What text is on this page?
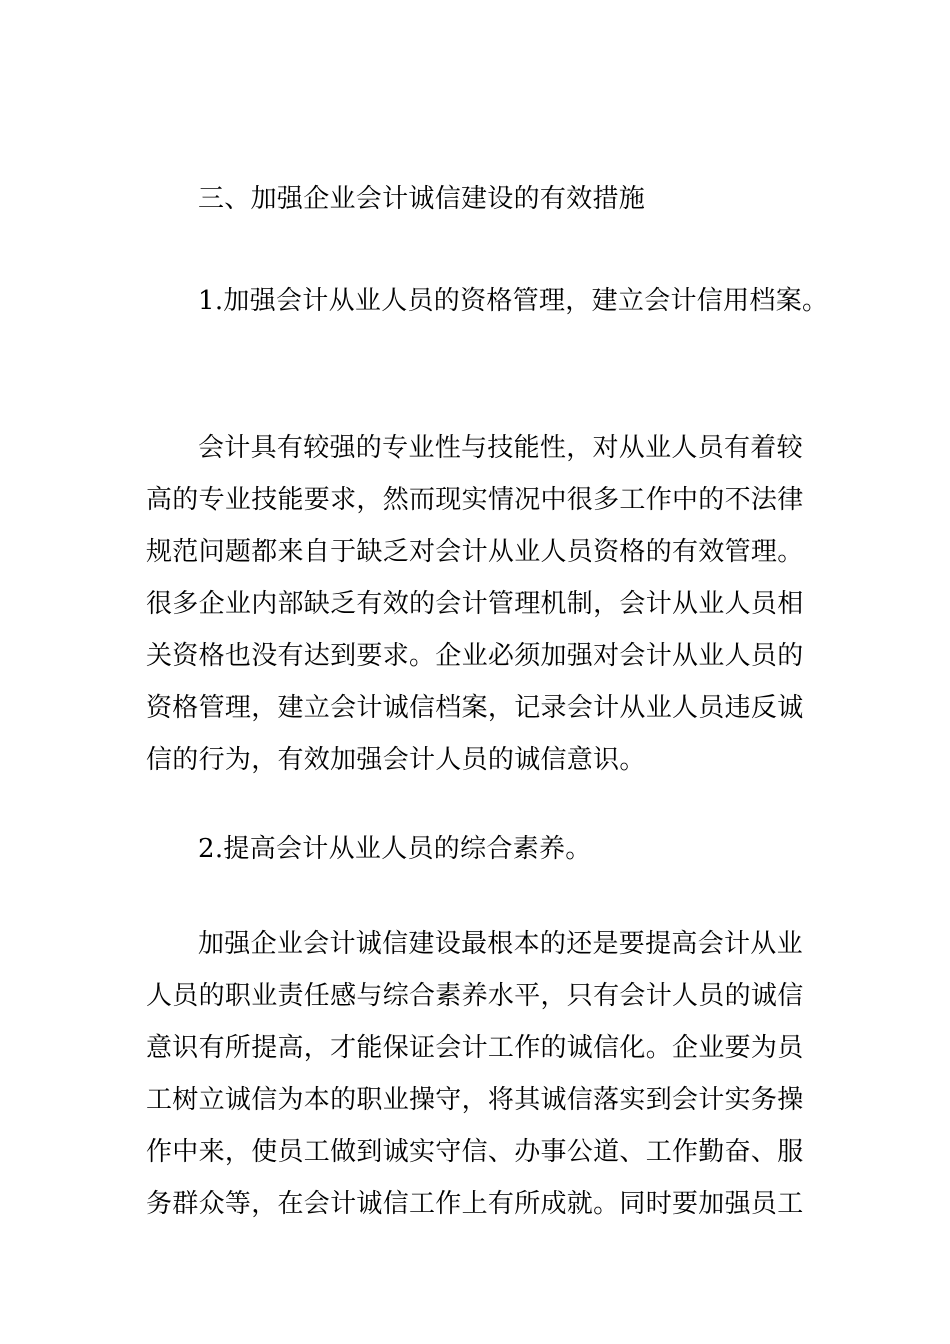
三、加强企业会计诚信建设的有效措施
1.加强会计从业人员的资格管理，建立会计信用档案。
会计具有较强的专业性与技能性，对从业人员有着较
高的专业技能要求，然而现实情况中很多工作中的不法律
规范问题都来自于缺乏对会计从业人员资格的有效管理。
很多企业内部缺乏有效的会计管理机制，会计从业人员相
关资格也没有达到要求。企业必须加强对会计从业人员的
资格管理，建立会计诚信档案，记录会计从业人员违反诚
信的行为，有效加强会计人员的诚信意识。
2.提高会计从业人员的综合素养。
加强企业会计诚信建设最根本的还是要提高会计从业
人员的职业责任感与综合素养水平，只有会计人员的诚信
意识有所提高，才能保证会计工作的诚信化。企业要为员
工树立诚信为本的职业操守，将其诚信落实到会计实务操
作中来，使员工做到诚实守信、办事公道、工作勤奋、服
务群众等，在会计诚信工作上有所成就。同时要加强员工
